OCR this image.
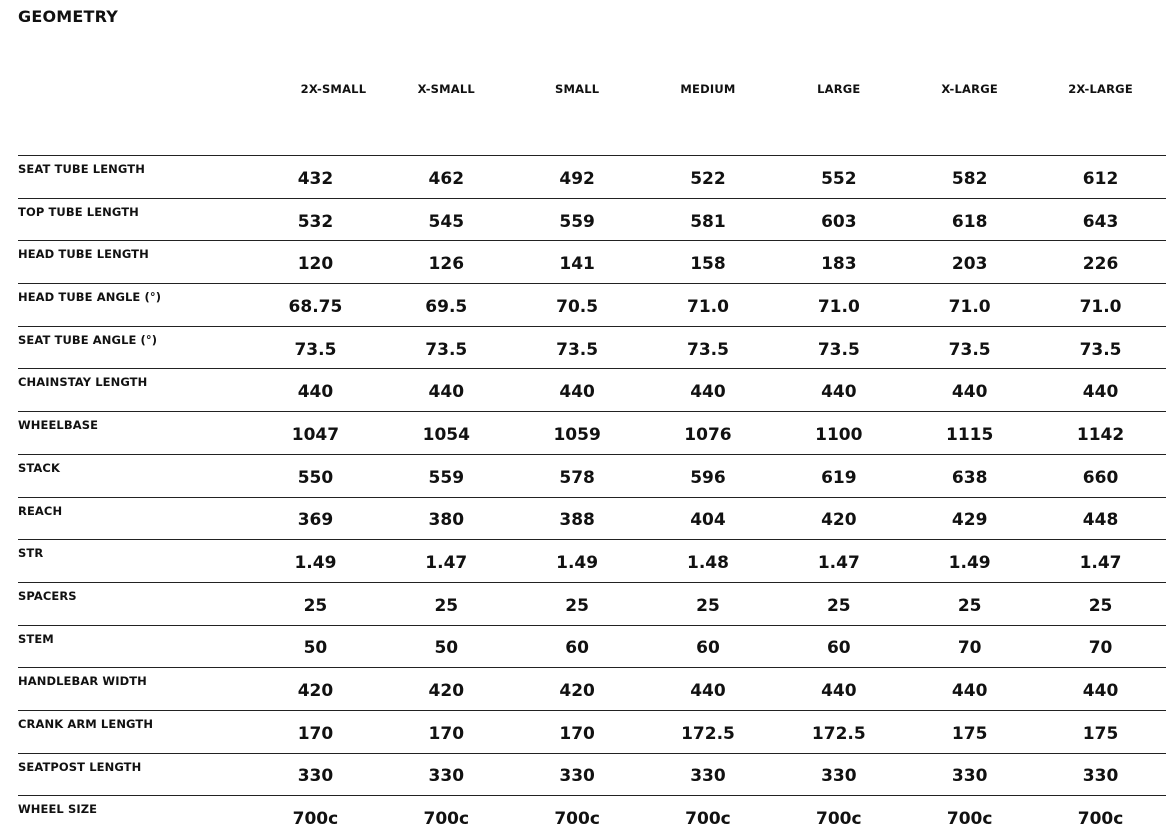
GEOMETRY
	2X-SMALL	X-SMALL	SMALL	MEDIUM	LARGE	X-LARGE	2X-LARGE
SEAT TUBE LENGTH	432	462	492	522	552	582	612
TOP TUBE LENGTH	532	545	559	581	603	618	643
HEAD TUBE LENGTH	120	126	141	158	183	203	226
HEAD TUBE ANGLE (°)	68.75	69.5	70.5	71.0	71.0	71.0	71.0
SEAT TUBE ANGLE (°)	73.5	73.5	73.5	73.5	73.5	73.5	73.5
CHAINSTAY LENGTH	440	440	440	440	440	440	440
WHEELBASE	1047	1054	1059	1076	1100	1115	1142
STACK	550	559	578	596	619	638	660
REACH	369	380	388	404	420	429	448
STR	1.49	1.47	1.49	1.48	1.47	1.49	1.47
SPACERS	25	25	25	25	25	25	25
STEM	50	50	60	60	60	70	70
HANDLEBAR WIDTH	420	420	420	440	440	440	440
CRANK ARM LENGTH	170	170	170	172.5	172.5	175	175
SEATPOST LENGTH	330	330	330	330	330	330	330
WHEEL SIZE	700c	700c	700c	700c	700c	700c	700c
